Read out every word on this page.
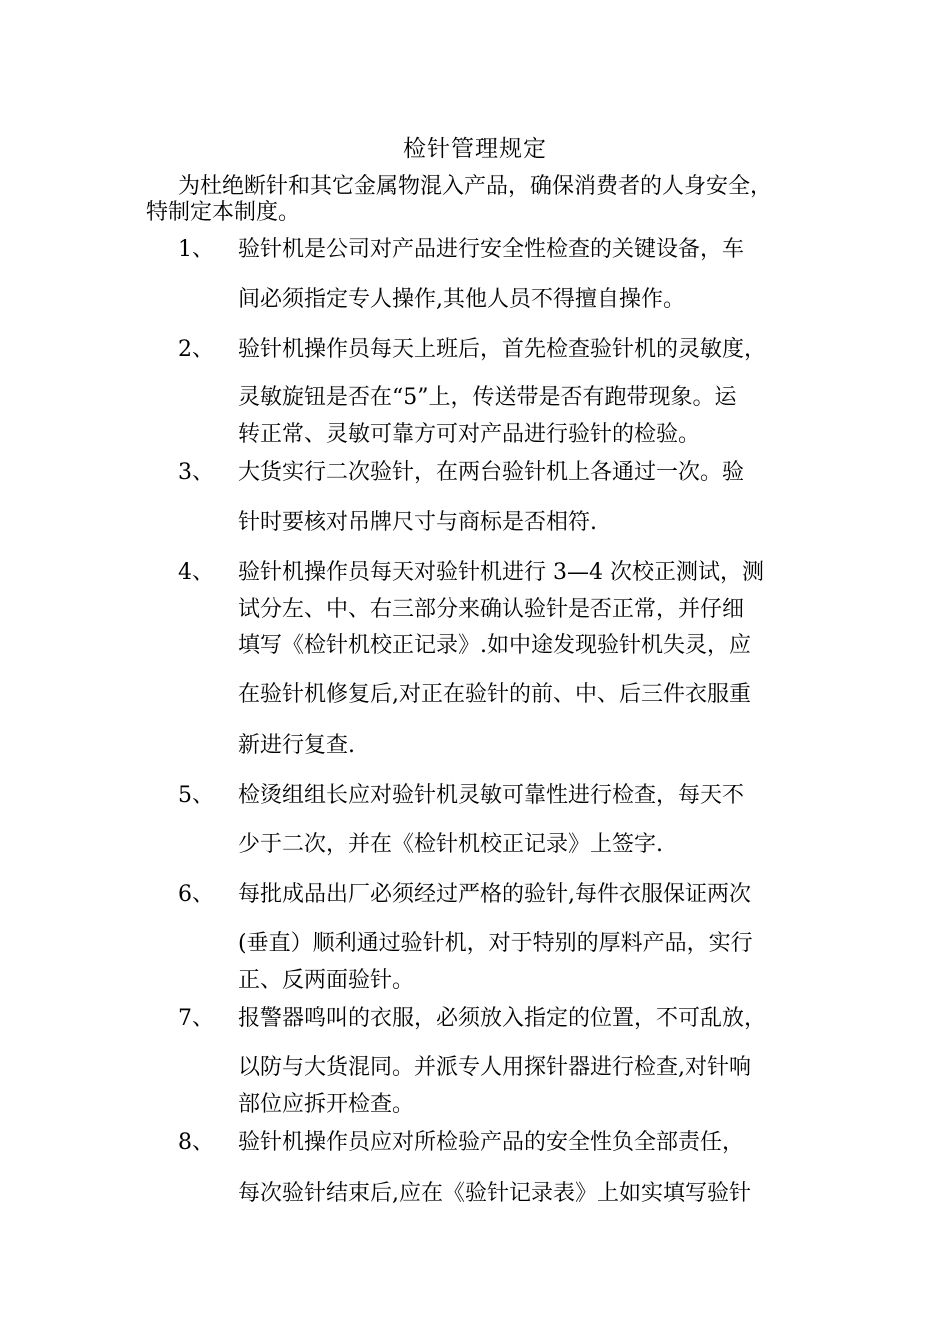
检针管理规定
为杜绝断针和其它金属物混入产品，确保消费者的人身安全，
特制定本制度。
1、 验针机是公司对产品进行安全性检查的关键设备，车
间必须指定专人操作,其他人员不得擅自操作。
2、 验针机操作员每天上班后，首先检查验针机的灵敏度，
灵敏旋钮是否在“5”上，传送带是否有跑带现象。运
转正常、灵敏可靠方可对产品进行验针的检验。
3、 大货实行二次验针，在两台验针机上各通过一次。验
针时要核对吊牌尺寸与商标是否相符.
4、 验针机操作员每天对验针机进行 3—4 次校正测试，测
试分左、中、右三部分来确认验针是否正常，并仔细
填写《检针机校正记录》.如中途发现验针机失灵，应
在验针机修复后,对正在验针的前、中、后三件衣服重
新进行复查.
5、 检烫组组长应对验针机灵敏可靠性进行检查，每天不
少于二次，并在《检针机校正记录》上签字.
6、 每批成品出厂必须经过严格的验针,每件衣服保证两次
(垂直）顺利通过验针机，对于特别的厚料产品，实行
正、反两面验针。
7、 报警器鸣叫的衣服，必须放入指定的位置，不可乱放，
以防与大货混同。并派专人用探针器进行检查,对针响
部位应拆开检查。
8、 验针机操作员应对所检验产品的安全性负全部责任，
每次验针结束后,应在《验针记录表》上如实填写验针
